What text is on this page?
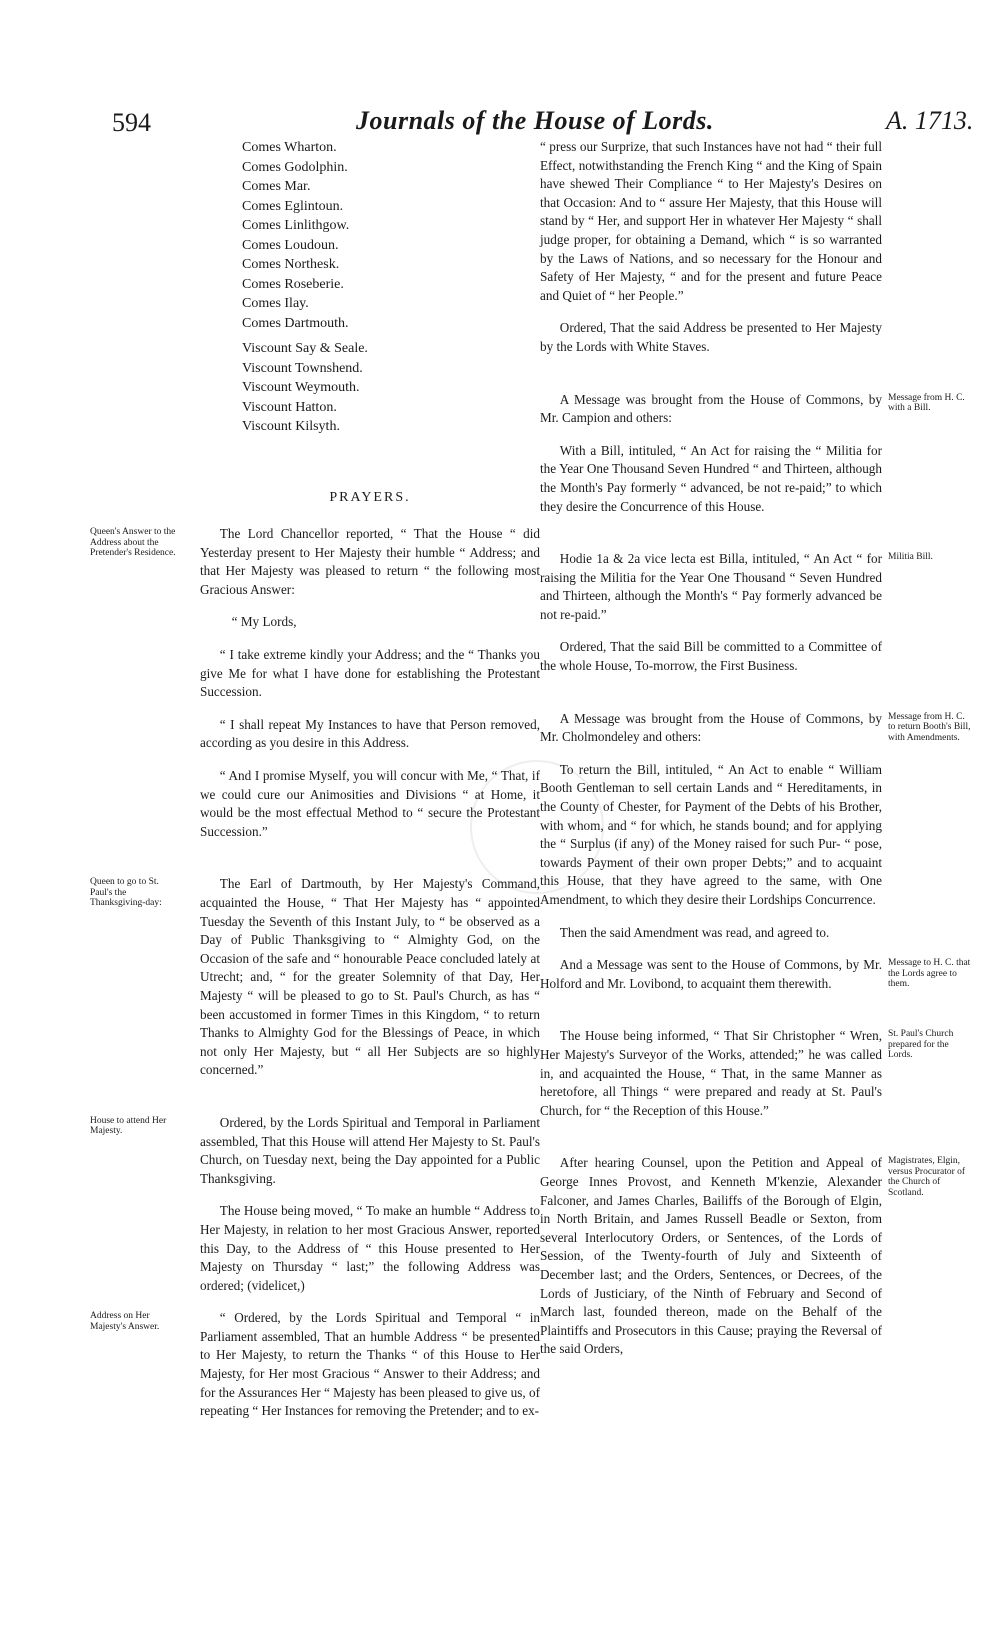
594	Journals of the House of Lords.	A. 1713.
Comes Wharton.
Comes Godolphin.
Comes Mar.
Comes Eglintoun.
Comes Linlithgow.
Comes Loudoun.
Comes Northesk.
Comes Roseberie.
Comes Ilay.
Comes Dartmouth.
Viscount Say & Seale.
Viscount Townshend.
Viscount Weymouth.
Viscount Hatton.
Viscount Kilsyth.
PRAYERS.
Queen's Answer to the Address about the Pretender's Residence.

The Lord Chancellor reported, “ That the House “ did Yesterday present to Her Majesty their humble “ Address; and that Her Majesty was pleased to return “ the following most Gracious Answer:

“ My Lords,

“ I take extreme kindly your Address; and the “ Thanks you give Me for what I have done for establishing the Protestant Succession.

“ I shall repeat My Instances to have that Person removed, according as you desire in this Address.

“ And I promise Myself, you will concur with Me, “ That, if we could cure our Animosities and Divisions “ at Home, it would be the most effectual Method to “ secure the Protestant Succession.”

Queen to go to St. Paul's the Thanksgiving-day:

The Earl of Dartmouth, by Her Majesty's Command, acquainted the House, “ That Her Majesty has “ appointed Tuesday the Seventh of this Instant July, to “ be observed as a Day of Public Thanksgiving to “ Almighty God, on the Occasion of the safe and “ honourable Peace concluded lately at Utrecht; and, “ for the greater Solemnity of that Day, Her Majesty “ will be pleased to go to St. Paul's Church, as has “ been accustomed in former Times in this Kingdom, “ to return Thanks to Almighty God for the Blessings of Peace, in which not only Her Majesty, but “ all Her Subjects are so highly concerned.”

House to attend Her Majesty.

Ordered, by the Lords Spiritual and Temporal in Parliament assembled, That this House will attend Her Majesty to St. Paul's Church, on Tuesday next, being the Day appointed for a Public Thanksgiving.

The House being moved, “ To make an humble “ Address to Her Majesty, in relation to her most Gracious Answer, reported this Day, to the Address of “ this House presented to Her Majesty on Thursday “ last;” the following Address was ordered; (videlicet,)

Address on Her Majesty's Answer.

“ Ordered, by the Lords Spiritual and Temporal “ in Parliament assembled, That an humble Address “ be presented to Her Majesty, to return the Thanks “ of this House to Her Majesty, for Her most Gracious “ Answer to their Address; and for the Assurances Her “ Majesty has been pleased to give us, of repeating “ Her Instances for removing the Pretender; and to ex-

“ press our Surprize, that such Instances have not had “ their full Effect, notwithstanding the French King “ and the King of Spain have shewed Their Compliance “ to Her Majesty's Desires on that Occasion: And to “ assure Her Majesty, that this House will stand by “ Her, and support Her in whatever Her Majesty “ shall judge proper, for obtaining a Demand, which “ is so warranted by the Laws of Nations, and so necessary for the Honour and Safety of Her Majesty, “ and for the present and future Peace and Quiet of “ her People.”

Ordered, That the said Address be presented to Her Majesty by the Lords with White Staves.

Message from H. C. with a Bill.

A Message was brought from the House of Commons, by Mr. Campion and others:

With a Bill, intituled, “ An Act for raising the “ Militia for the Year One Thousand Seven Hundred “ and Thirteen, although the Month's Pay formerly “ advanced, be not re-paid;” to which they desire the Concurrence of this House.

Militia Bill.

Hodie 1a & 2a vice lecta est Billa, intituled, “ An Act “ for raising the Militia for the Year One Thousand “ Seven Hundred and Thirteen, although the Month's “ Pay formerly advanced be not re-paid.”

Ordered, That the said Bill be committed to a Committee of the whole House, To-morrow, the First Business.

Message from H. C. to return Booth's Bill, with Amendments.

A Message was brought from the House of Commons, by Mr. Cholmondeley and others:

To return the Bill, intituled, “ An Act to enable “ William Booth Gentleman to sell certain Lands and “ Hereditaments, in the County of Chester, for Payment of the Debts of his Brother, with whom, and “ for which, he stands bound; and for applying the “ Surplus (if any) of the Money raised for such Pur- “ pose, towards Payment of their own proper Debts;” and to acquaint this House, that they have agreed to the same, with One Amendment, to which they desire their Lordships Concurrence.

Then the said Amendment was read, and agreed to.

Message to H. C. that the Lords agree to them.

And a Message was sent to the House of Commons, by Mr. Holford and Mr. Lovibond, to acquaint them therewith.

St. Paul's Church prepared for the Lords.

The House being informed, “ That Sir Christopher “ Wren, Her Majesty's Surveyor of the Works, attended;” he was called in, and acquainted the House, “ That, in the same Manner as heretofore, all Things “ were prepared and ready at St. Paul's Church, for “ the Reception of this House.”

Magistrates, Elgin, versus Procurator of the Church of Scotland.

After hearing Counsel, upon the Petition and Appeal of George Innes Provost, and Kenneth M'kenzie, Alexander Falconer, and James Charles, Bailiffs of the Borough of Elgin, in North Britain, and James Russell Beadle or Sexton, from several Interlocutory Orders, or Sentences, of the Lords of Session, of the Twenty-fourth of July and Sixteenth of December last; and the Orders, Sentences, or Decrees, of the Lords of Justiciary, of the Ninth of February and Second of March last, founded thereon, made on the Behalf of the Plaintiffs and Prosecutors in this Cause; praying the Reversal of the said Orders,
